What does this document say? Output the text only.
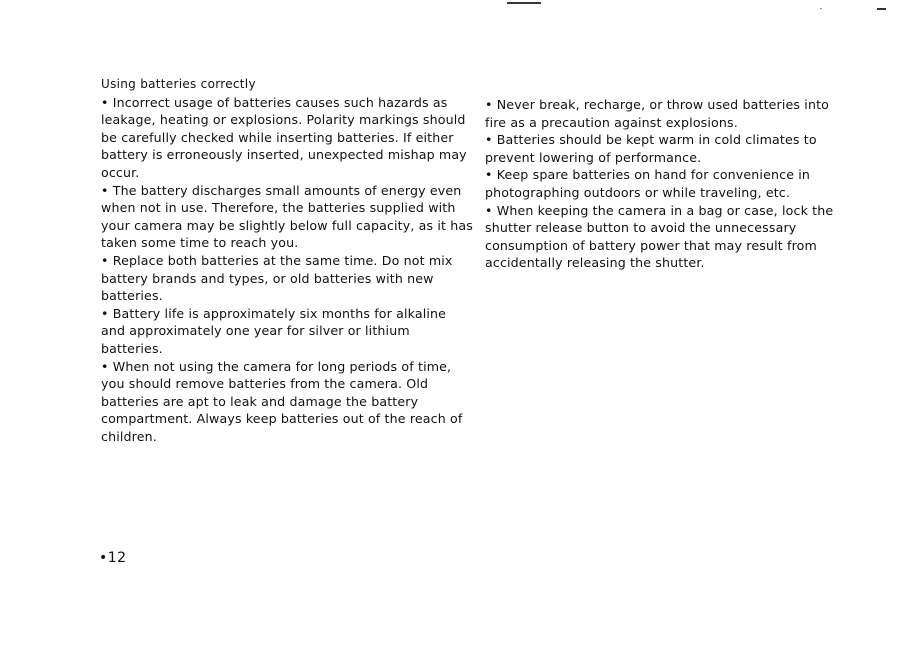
Using batteries correctly

• Incorrect usage of batteries causes such hazards as leakage, heating or explosions. Polarity markings should be carefully checked while inserting batteries. If either battery is erroneously inserted, unexpected mishap may occur.

• The battery discharges small amounts of energy even when not in use. Therefore, the batteries supplied with your camera may be slightly below full capacity, as it has taken some time to reach you.

• Replace both batteries at the same time. Do not mix battery brands and types, or old batteries with new batteries.

• Battery life is approximately six months for alkaline and approximately one year for silver or lithium batteries.

• When not using the camera for long periods of time, you should remove batteries from the camera. Old batteries are apt to leak and damage the battery compartment. Always keep batteries out of the reach of children.

• Never break, recharge, or throw used batteries into fire as a precaution against explosions.

• Batteries should be kept warm in cold climates to prevent lowering of performance.

• Keep spare batteries on hand for convenience in photographing outdoors or while traveling, etc.

• When keeping the camera in a bag or case, lock the shutter release button to avoid the unnecessary consumption of battery power that may result from accidentally releasing the shutter.

•12
